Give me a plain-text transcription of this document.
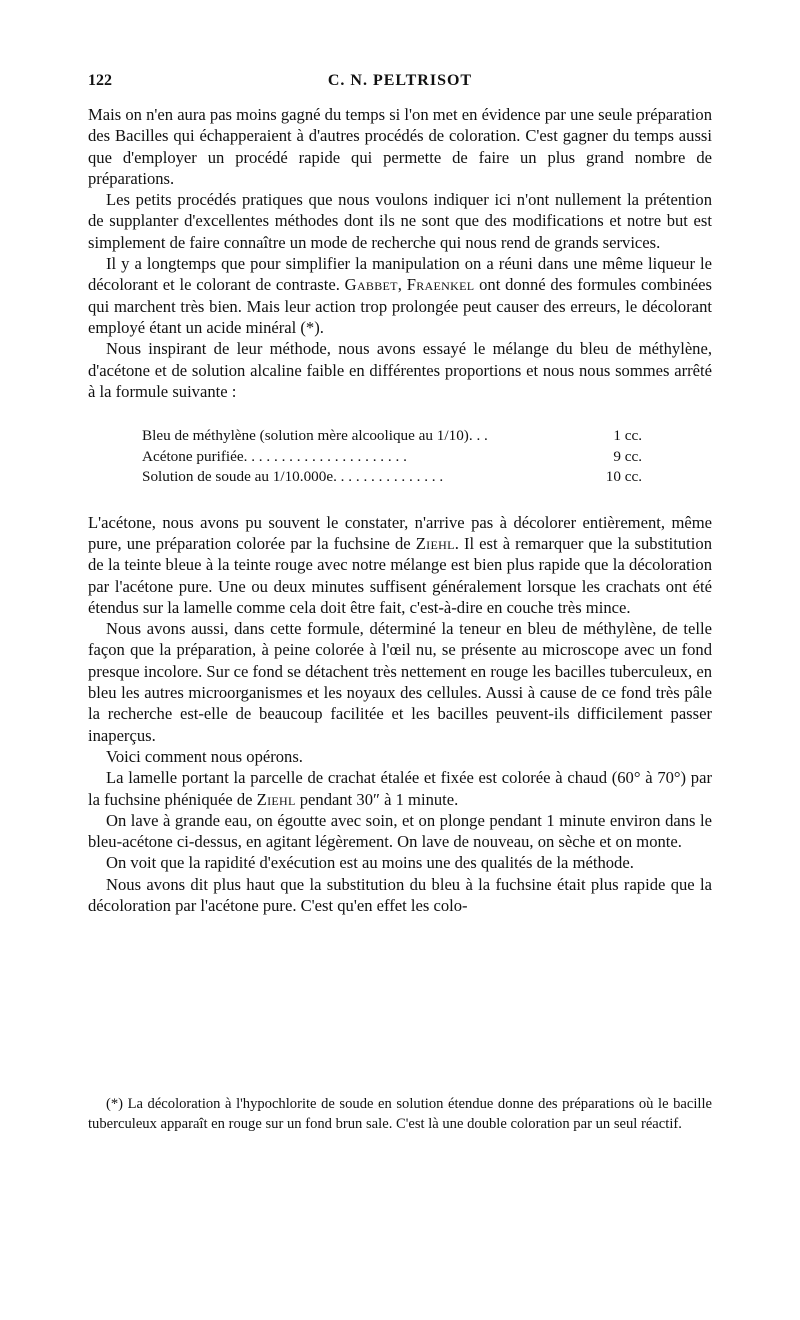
122	C. N. PELTRISOT

Mais on n'en aura pas moins gagné du temps si l'on met en évidence par une seule préparation des Bacilles qui échapperaient à d'autres procédés de coloration. C'est gagner du temps aussi que d'employer un procédé rapide qui permette de faire un plus grand nombre de préparations.

Les petits procédés pratiques que nous voulons indiquer ici n'ont nullement la prétention de supplanter d'excellentes méthodes dont ils ne sont que des modifications et notre but est simplement de faire connaître un mode de recherche qui nous rend de grands services.

Il y a longtemps que pour simplifier la manipulation on a réuni dans une même liqueur le décolorant et le colorant de contraste. Gabbet, Fraenkel ont donné des formules combinées qui marchent très bien. Mais leur action trop prolongée peut causer des erreurs, le décolorant employé étant un acide minéral (*).

Nous inspirant de leur méthode, nous avons essayé le mélange du bleu de méthylène, d'acétone et de solution alcaline faible en différentes proportions et nous nous sommes arrêté à la formule suivante :

Bleu de méthylène (solution mère alcoolique au 1/10). . .	1 cc.
Acétone purifiée. . . . . . . . . . . . . . . . . . . . . .	9 cc.
Solution de soude au 1/10.000e. . . . . . . . . . . . . . .	10 cc.

L'acétone, nous avons pu souvent le constater, n'arrive pas à décolorer entièrement, même pure, une préparation colorée par la fuchsine de Ziehl. Il est à remarquer que la substitution de la teinte bleue à la teinte rouge avec notre mélange est bien plus rapide que la décoloration par l'acétone pure. Une ou deux minutes suffisent généralement lorsque les crachats ont été étendus sur la lamelle comme cela doit être fait, c'est-à-dire en couche très mince.

Nous avons aussi, dans cette formule, déterminé la teneur en bleu de méthylène, de telle façon que la préparation, à peine colorée à l'œil nu, se présente au microscope avec un fond presque incolore. Sur ce fond se détachent très nettement en rouge les bacilles tuberculeux, en bleu les autres microorganismes et les noyaux des cellules. Aussi à cause de ce fond très pâle la recherche est-elle de beaucoup facilitée et les bacilles peuvent-ils difficilement passer inaperçus.

Voici comment nous opérons.

La lamelle portant la parcelle de crachat étalée et fixée est colorée à chaud (60° à 70°) par la fuchsine phéniquée de Ziehl pendant 30″ à 1 minute.

On lave à grande eau, on égoutte avec soin, et on plonge pendant 1 minute environ dans le bleu-acétone ci-dessus, en agitant légèrement. On lave de nouveau, on sèche et on monte.

On voit que la rapidité d'exécution est au moins une des qualités de la méthode.

Nous avons dit plus haut que la substitution du bleu à la fuchsine était plus rapide que la décoloration par l'acétone pure. C'est qu'en effet les colo-

(*) La décoloration à l'hypochlorite de soude en solution étendue donne des préparations où le bacille tuberculeux apparaît en rouge sur un fond brun sale. C'est là une double coloration par un seul réactif.
